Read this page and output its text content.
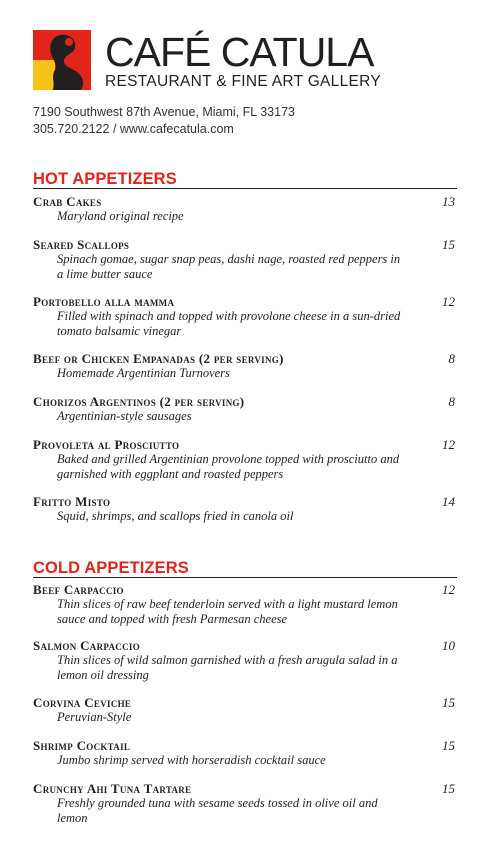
CAFÉ CATULA
RESTAURANT & FINE ART GALLERY
7190 Southwest 87th Avenue, Miami, FL 33173
305.720.2122 / www.cafecatula.com
HOT APPETIZERS
Crab Cakes
Maryland original recipe
13
Seared Scallops
Spinach gomae, sugar snap peas, dashi nage, roasted red peppers in a lime butter sauce
15
Portobello alla mamma
Filled with spinach and topped with provolone cheese in a sun-dried tomato balsamic vinegar
12
Beef or Chicken Empanadas (2 per serving)
Homemade Argentinian Turnovers
8
Chorizos Argentinos (2 per serving)
Argentinian-style sausages
8
Provoleta al Prosciutto
Baked and grilled Argentinian provolone topped with prosciutto and garnished with eggplant and roasted peppers
12
Fritto Misto
Squid, shrimps, and scallops fried in canola oil
14
COLD APPETIZERS
Beef Carpaccio
Thin slices of raw beef tenderloin served with a light mustard lemon sauce and topped with fresh Parmesan cheese
12
Salmon Carpaccio
Thin slices of wild salmon garnished with a fresh arugula salad in a lemon oil dressing
10
Corvina Ceviche
Peruvian-Style
15
Shrimp Cocktail
Jumbo shrimp served with horseradish cocktail sauce
15
Crunchy Ahi Tuna Tartare
Freshly grounded tuna with sesame seeds tossed in olive oil and lemon
15
